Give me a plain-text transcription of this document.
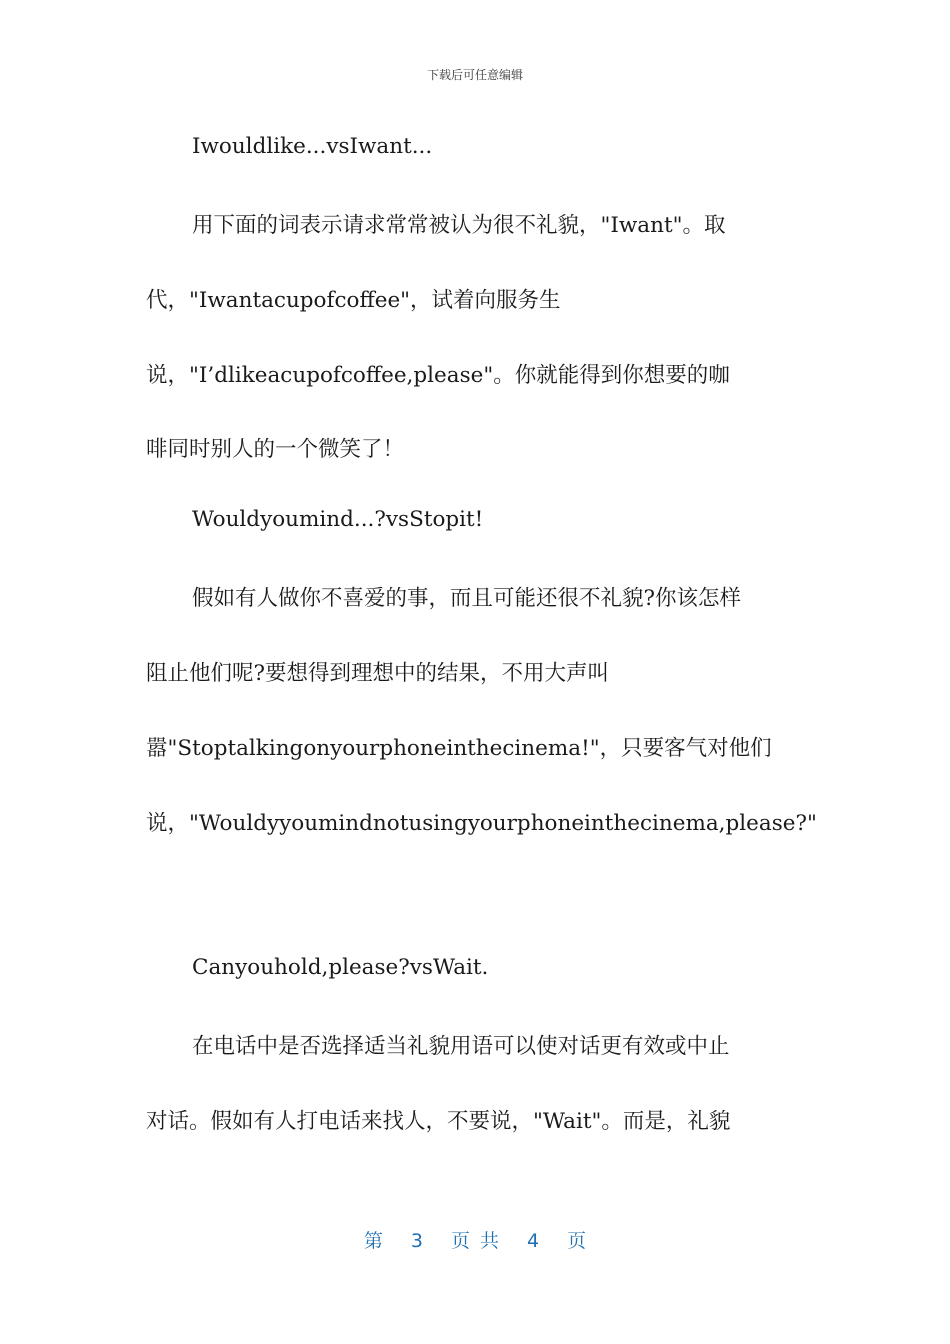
下载后可任意编辑
Iwouldlike...vsIwant...
用下面的词表示请求常常被认为很不礼貌，"Iwant"。取
代，"Iwantacupofcoffee"，试着向服务生
说，"I’dlikeacupofcoffee,please"。你就能得到你想要的咖
啡同时别人的一个微笑了！
Wouldyoumind...?vsStopit!
假如有人做你不喜爱的事，而且可能还很不礼貌?你该怎样
阻止他们呢?要想得到理想中的结果，不用大声叫
嚣"Stoptalkingonyourphoneinthecinema!"，只要客气对他们
说，"Wouldyyoumindnotusingyourphoneinthecinema,please?"
Canyouhold,please?vsWait.
在电话中是否选择适当礼貌用语可以使对话更有效或中止
对话。假如有人打电话来找人，不要说，"Wait"。而是，礼貌
第 3 页 共 4 页
